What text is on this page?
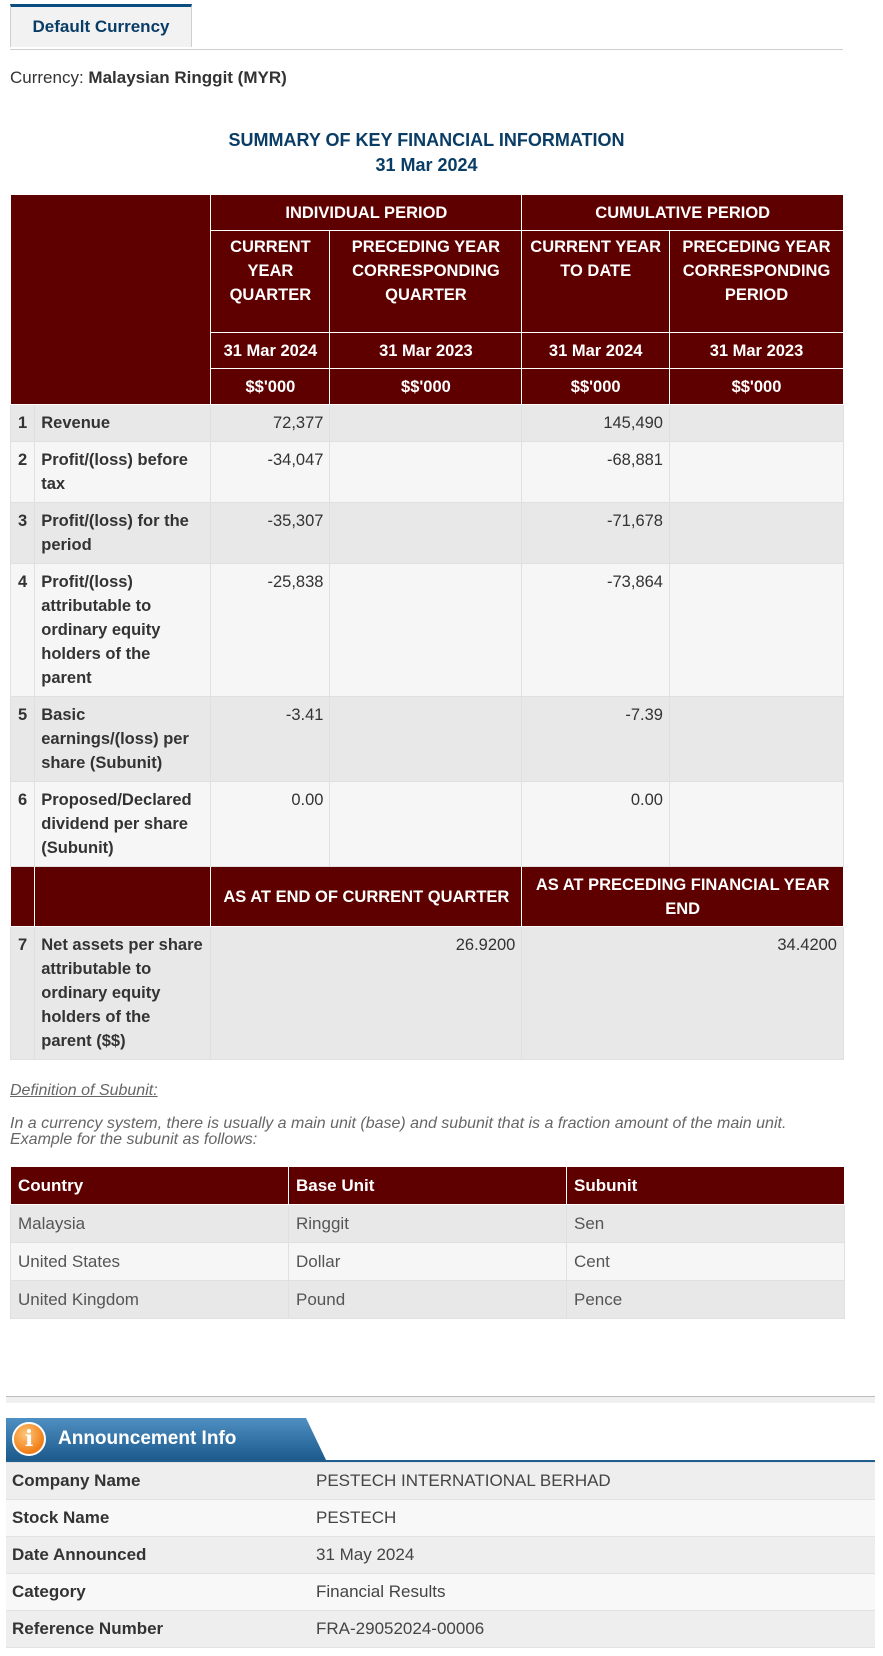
Default Currency
Currency: Malaysian Ringgit (MYR)
SUMMARY OF KEY FINANCIAL INFORMATION
31 Mar 2024
		INDIVIDUAL PERIOD		CUMULATIVE PERIOD	
		CURRENT YEAR QUARTER	PRECEDING YEAR CORRESPONDING QUARTER	CURRENT YEAR TO DATE	PRECEDING YEAR CORRESPONDING PERIOD
		31 Mar 2024	31 Mar 2023	31 Mar 2024	31 Mar 2023
		$$'000	$$'000	$$'000	$$'000
1	Revenue	72,377		145,490	
2	Profit/(loss) before tax	-34,047		-68,881	
3	Profit/(loss) for the period	-35,307		-71,678	
4	Profit/(loss) attributable to ordinary equity holders of the parent	-25,838		-73,864	
5	Basic earnings/(loss) per share (Subunit)	-3.41		-7.39	
6	Proposed/Declared dividend per share (Subunit)	0.00		0.00	
		AS AT END OF CURRENT QUARTER		AS AT PRECEDING FINANCIAL YEAR END	
7	Net assets per share attributable to ordinary equity holders of the parent ($$)	26.9200		34.4200	
Definition of Subunit:
In a currency system, there is usually a main unit (base) and subunit that is a fraction amount of the main unit. Example for the subunit as follows:
Country	Base Unit	Subunit
Malaysia	Ringgit	Sen
United States	Dollar	Cent
United Kingdom	Pound	Pence
i	Announcement Info
Company Name	PESTECH INTERNATIONAL BERHAD
Stock Name	PESTECH
Date Announced	31 May 2024
Category	Financial Results
Reference Number	FRA-29052024-00006
